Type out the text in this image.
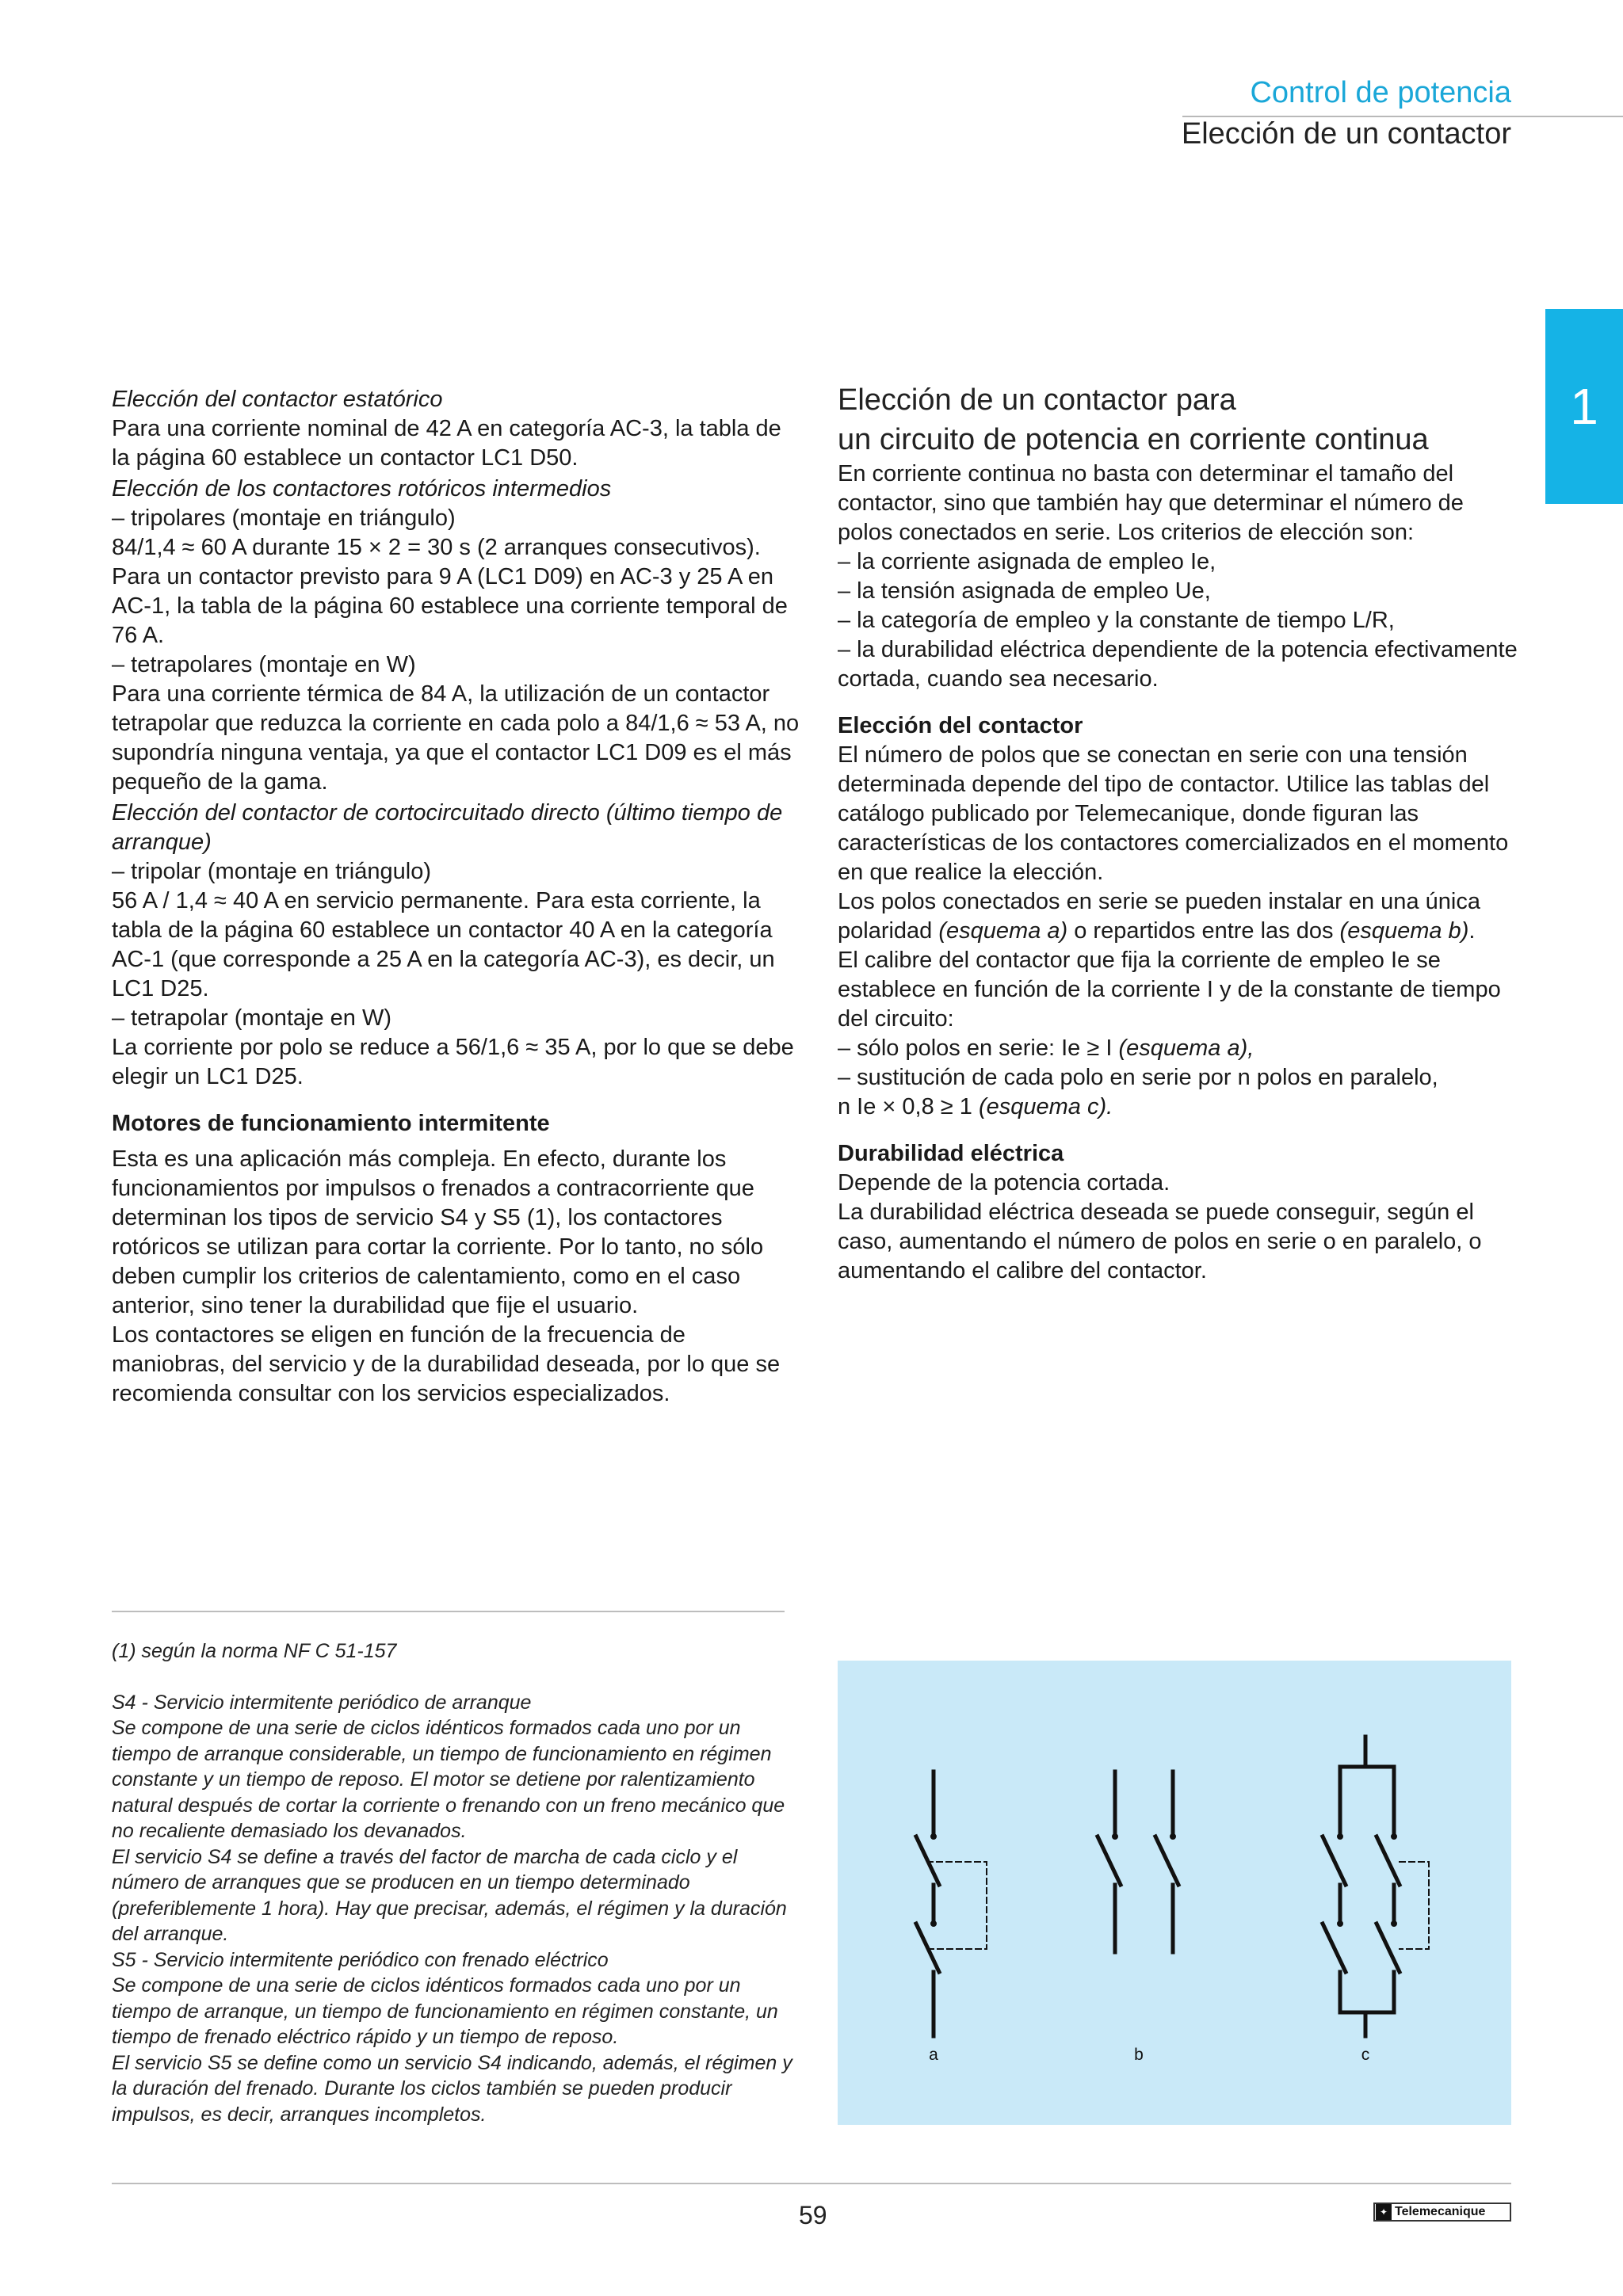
Control de potencia
Elección de un contactor
1

Elección del contactor estatórico

Para una corriente nominal de 42 A en categoría AC-3, la tabla de la página 60 establece un contactor LC1 D50.

Elección de los contactores rotóricos intermedios

– tripolares (montaje en triángulo)

84/1,4 ≈ 60 A durante 15 × 2 = 30 s (2 arranques consecutivos).

Para un contactor previsto para 9 A (LC1 D09) en AC-3 y 25 A en AC-1, la tabla de la página 60 establece una corriente temporal de 76 A.

– tetrapolares (montaje en W)

Para una corriente térmica de 84 A, la utilización de un contactor tetrapolar que reduzca la corriente en cada polo a 84/1,6 ≈ 53 A, no supondría ninguna ventaja, ya que el contactor LC1 D09 es el más pequeño de la gama.

Elección del contactor de cortocircuitado directo (último tiempo de arranque)

– tripolar (montaje en triángulo)

56 A / 1,4 ≈ 40 A en servicio permanente. Para esta corriente, la tabla de la página 60 establece un contactor 40 A en la categoría AC-1 (que corresponde a 25 A en la categoría AC-3), es decir, un LC1 D25.

– tetrapolar (montaje en W)

La corriente por polo se reduce a 56/1,6 ≈ 35 A, por lo que se debe elegir un LC1 D25.

Motores de funcionamiento intermitente

Esta es una aplicación más compleja. En efecto, durante los funcionamientos por impulsos o frenados a contracorriente que determinan los tipos de servicio S4 y S5 (1), los contactores rotóricos se utilizan para cortar la corriente. Por lo tanto, no sólo deben cumplir los criterios de calentamiento, como en el caso anterior, sino tener la durabilidad que fije el usuario.

Los contactores se eligen en función de la frecuencia de maniobras, del servicio y de la durabilidad deseada, por lo que se recomienda consultar con los servicios especializados.

Elección de un contactor para

un circuito de potencia en corriente continua

En corriente continua no basta con determinar el tamaño del contactor, sino que también hay que determinar el número de polos conectados en serie. Los criterios de elección son:

– la corriente asignada de empleo Ie,

– la tensión asignada de empleo Ue,

– la categoría de empleo y la constante de tiempo L/R,

– la durabilidad eléctrica dependiente de la potencia efectivamente cortada, cuando sea necesario.

Elección del contactor

El número de polos que se conectan en serie con una tensión determinada depende del tipo de contactor. Utilice las tablas del catálogo publicado por Telemecanique, donde figuran las características de los contactores comercializados en el momento en que realice la elección.

Los polos conectados en serie se pueden instalar en una única polaridad (esquema a) o repartidos entre las dos (esquema b).

El calibre del contactor que fija la corriente de empleo Ie se establece en función de la corriente I y de la constante de tiempo del circuito:

– sólo polos en serie: Ie ≥ I (esquema a),

– sustitución de cada polo en serie por n polos en paralelo,

n Ie × 0,8 ≥ 1 (esquema c).

Durabilidad eléctrica

Depende de la potencia cortada.

La durabilidad eléctrica deseada se puede conseguir, según el caso, aumentando el número de polos en serie o en paralelo, o aumentando el calibre del contactor.

(1) según la norma NF C 51-157

S4 - Servicio intermitente periódico de arranque

Se compone de una serie de ciclos idénticos formados cada uno por un tiempo de arranque considerable, un tiempo de funcionamiento en régimen constante y un tiempo de reposo. El motor se detiene por ralentizamiento natural después de cortar la corriente o frenando con un freno mecánico que no recaliente demasiado los devanados.

El servicio S4 se define a través del factor de marcha de cada ciclo y el número de arranques que se producen en un tiempo determinado (preferiblemente 1 hora). Hay que precisar, además, el régimen y la duración del arranque.

S5 - Servicio intermitente periódico con frenado eléctrico

Se compone de una serie de ciclos idénticos formados cada uno por un tiempo de arranque, un tiempo de funcionamiento en régimen constante, un tiempo de frenado eléctrico rápido y un tiempo de reposo.

El servicio S5 se define como un servicio S4 indicando, además, el régimen y la duración del frenado. Durante los ciclos también se pueden producir impulsos, es decir, arranques incompletos.

a	b	c
59	✦ Telemecanique
